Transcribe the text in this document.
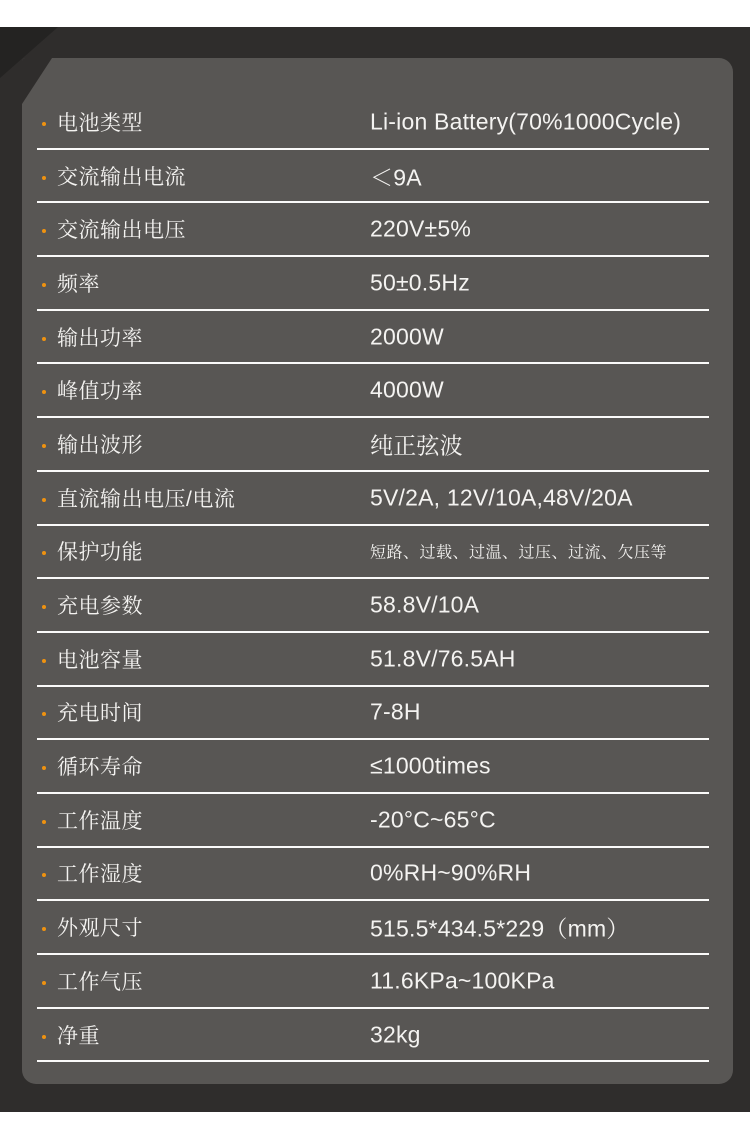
电池类型	Li-ion Battery(70%1000Cycle)
交流输出电流	＜9A
交流输出电压	220V±5%
频率	50±0.5Hz
输出功率	2000W
峰值功率	4000W
输出波形	纯正弦波
直流输出电压/电流	5V/2A, 12V/10A,48V/20A
保护功能	短路、过载、过温、过压、过流、欠压等
充电参数	58.8V/10A
电池容量	51.8V/76.5AH
充电时间	7-8H
循环寿命	≤1000times
工作温度	-20°C~65°C
工作湿度	0%RH~90%RH
外观尺寸	515.5*434.5*229（mm）
工作气压	11.6KPa~100KPa
净重	32kg
